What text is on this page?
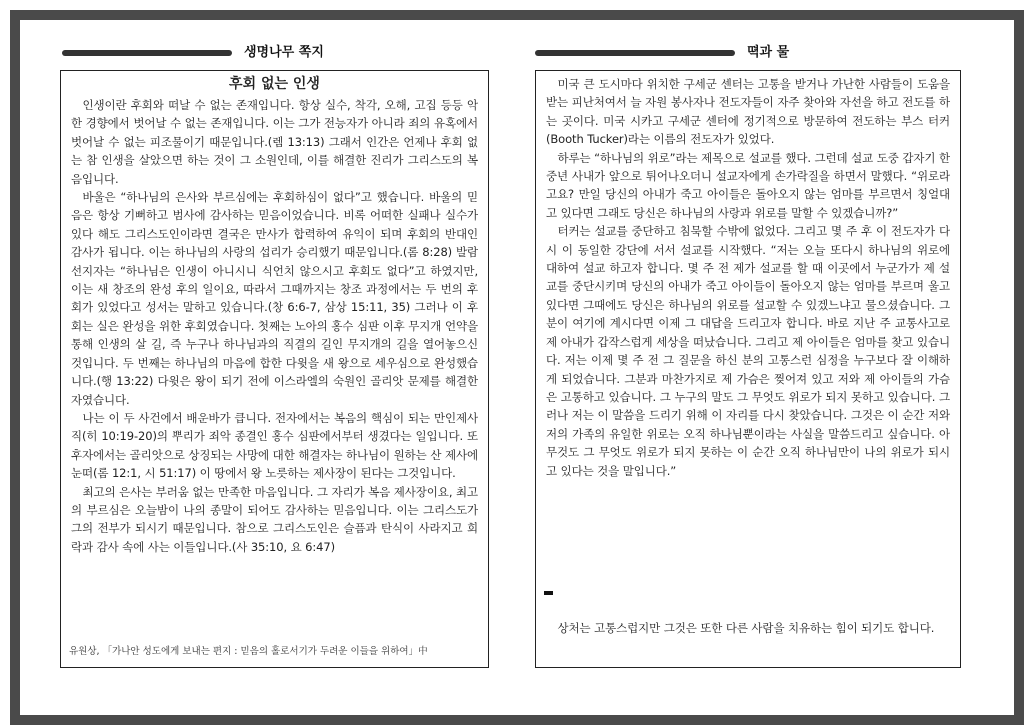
생명나무 쪽지
후회 없는 인생

인생이란 후회와 떠날 수 없는 존재입니다. 항상 실수, 착각, 오해, 고집 등등 악한 경향에서 벗어날 수 없는 존재입니다. 이는 그가 전능자가 아니라 죄의 유혹에서 벗어날 수 없는 피조물이기 때문입니다.(렘 13:13) 그래서 인간은 언제나 후회 없는 참 인생을 살았으면 하는 것이 그 소원인데, 이를 해결한 진리가 그리스도의 복음입니다.

바울은 “하나님의 은사와 부르심에는 후회하심이 없다”고 했습니다. 바울의 믿음은 항상 기뻐하고 범사에 감사하는 믿음이었습니다. 비록 어떠한 실패나 실수가 있다 해도 그리스도인이라면 결국은 만사가 합력하여 유익이 되며 후회의 반대인 감사가 됩니다. 이는 하나님의 사랑의 섭리가 승리했기 때문입니다.(롬 8:28) 발람 선지자는 “하나님은 인생이 아니시니 식언치 않으시고 후회도 없다”고 하였지만, 이는 새 창조의 완성 후의 일이요, 따라서 그때까지는 창조 과정에서는 두 번의 후회가 있었다고 성서는 말하고 있습니다.(창 6:6-7, 삼상 15:11, 35) 그러나 이 후회는 실은 완성을 위한 후회였습니다. 첫째는 노아의 홍수 심판 이후 무지개 언약을 통해 인생의 살 길, 즉 누구나 하나님과의 직결의 길인 무지개의 길을 열어놓으신 것입니다. 두 번째는 하나님의 마음에 합한 다윗을 새 왕으로 세우심으로 완성했습니다.(행 13:22) 다윗은 왕이 되기 전에 이스라엘의 숙원인 골리앗 문제를 해결한 자였습니다.

나는 이 두 사건에서 배운바가 큽니다. 전자에서는 복음의 핵심이 되는 만인제사직(히 10:19-20)의 뿌리가 죄악 종결인 홍수 심판에서부터 생겼다는 일입니다. 또 후자에서는 골리앗으로 상징되는 사망에 대한 해결자는 하나님이 원하는 산 제사에 눈떠(롬 12:1, 시 51:17) 이 땅에서 왕 노릇하는 제사장이 된다는 그것입니다.

최고의 은사는 부러움 없는 만족한 마음입니다. 그 자리가 복음 제사장이요, 최고의 부르심은 오늘밤이 나의 종말이 되어도 감사하는 믿음입니다. 이는 그리스도가 그의 전부가 되시기 때문입니다. 참으로 그리스도인은 슬픔과 탄식이 사라지고 희락과 감사 속에 사는 이들입니다.(사 35:10, 요 6:47)

유원상, 「가나안 성도에게 보내는 편지 : 믿음의 홀로서기가 두려운 이들을 위하여」中
뗙과 물

미국 큰 도시마다 위치한 구세군 센터는 고통을 받거나 가난한 사람들이 도움을 받는 피난처여서 늘 자원 봉사자나 전도자들이 자주 찾아와 자선을 하고 전도를 하는 곳이다. 미국 시카고 구세군 센터에 정기적으로 방문하여 전도하는 부스 터커(Booth Tucker)라는 이름의 전도자가 있었다.

하루는 “하나님의 위로”라는 제목으로 설교를 했다. 그런데 설교 도중 갑자기 한 중년 사내가 앞으로 튀어나오더니 설교자에게 손가락질을 하면서 말했다. “위로라고요? 만일 당신의 아내가 죽고 아이들은 돌아오지 않는 엄마를 부르면서 칭얼대고 있다면 그래도 당신은 하나님의 사랑과 위로를 말할 수 있겠습니까?”

터커는 설교를 중단하고 침묵할 수밖에 없었다. 그리고 몇 주 후 이 전도자가 다시 이 동일한 강단에 서서 설교를 시작했다. “저는 오늘 또다시 하나님의 위로에 대하여 설교 하고자 합니다. 몇 주 전 제가 설교를 할 때 이곳에서 누군가가 제 설교를 중단시키며 당신의 아내가 죽고 아이들이 돌아오지 않는 엄마를 부르며 울고 있다면 그때에도 당신은 하나님의 위로를 설교할 수 있겠느냐고 물으셨습니다. 그분이 여기에 계시다면 이제 그 대답을 드리고자 합니다. 바로 지난 주 교통사고로 제 아내가 갑작스럽게 세상을 떠났습니다. 그리고 제 아이들은 엄마를 찾고 있습니다. 저는 이제 몇 주 전 그 질문을 하신 분의 고통스런 심정을 누구보다 잘 이해하게 되었습니다. 그분과 마찬가지로 제 가슴은 찢어져 있고 저와 제 아이들의 가슴은 고통하고 있습니다. 그 누구의 말도 그 무엇도 위로가 되지 못하고 있습니다. 그러나 저는 이 말씀을 드리기 위해 이 자리를 다시 찾았습니다. 그것은 이 순간 저와 저의 가족의 유일한 위로는 오직 하나님뿐이라는 사실을 말씀드리고 싶습니다. 아무것도 그 무엇도 위로가 되지 못하는 이 순간 오직 하나님만이 나의 위로가 되시고 있다는 것을 말입니다.”

상처는 고통스럽지만 그것은 또한 다른 사람을 치유하는 힘이 되기도 합니다.
